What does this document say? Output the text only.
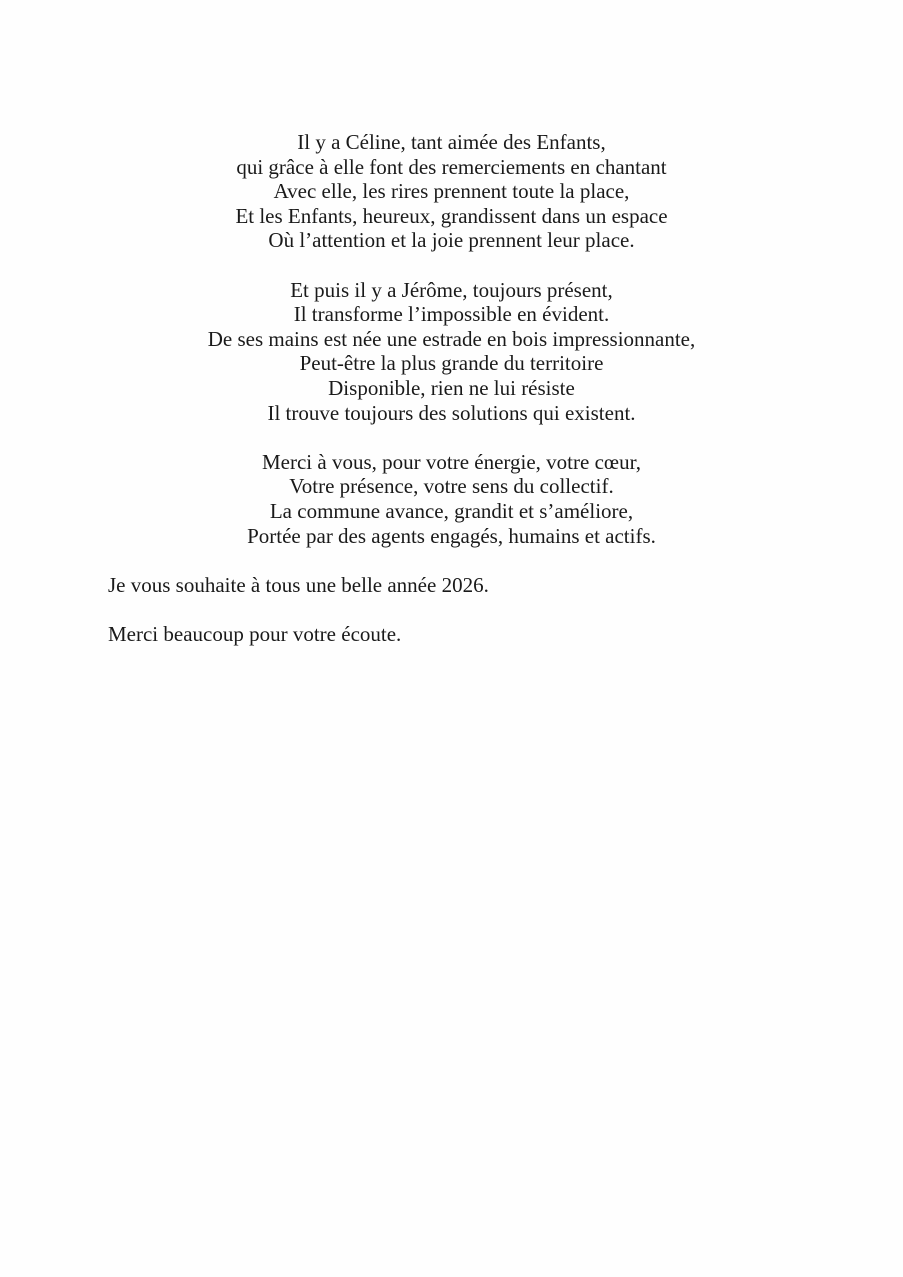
Il y a Céline, tant aimée des Enfants,
qui grâce à elle font des remerciements en chantant
Avec elle, les rires prennent toute la place,
Et les Enfants, heureux, grandissent dans un espace
Où l’attention et la joie prennent leur place.
Et puis il y a Jérôme, toujours présent,
Il transforme l’impossible en évident.
De ses mains est née une estrade en bois impressionnante,
Peut-être la plus grande du territoire
Disponible, rien ne lui résiste
Il trouve toujours des solutions qui existent.
Merci à vous, pour votre énergie, votre cœur,
Votre présence, votre sens du collectif.
La commune avance, grandit et s’améliore,
Portée par des agents engagés, humains et actifs.
Je vous souhaite à tous une belle année 2026.
Merci beaucoup pour votre écoute.
